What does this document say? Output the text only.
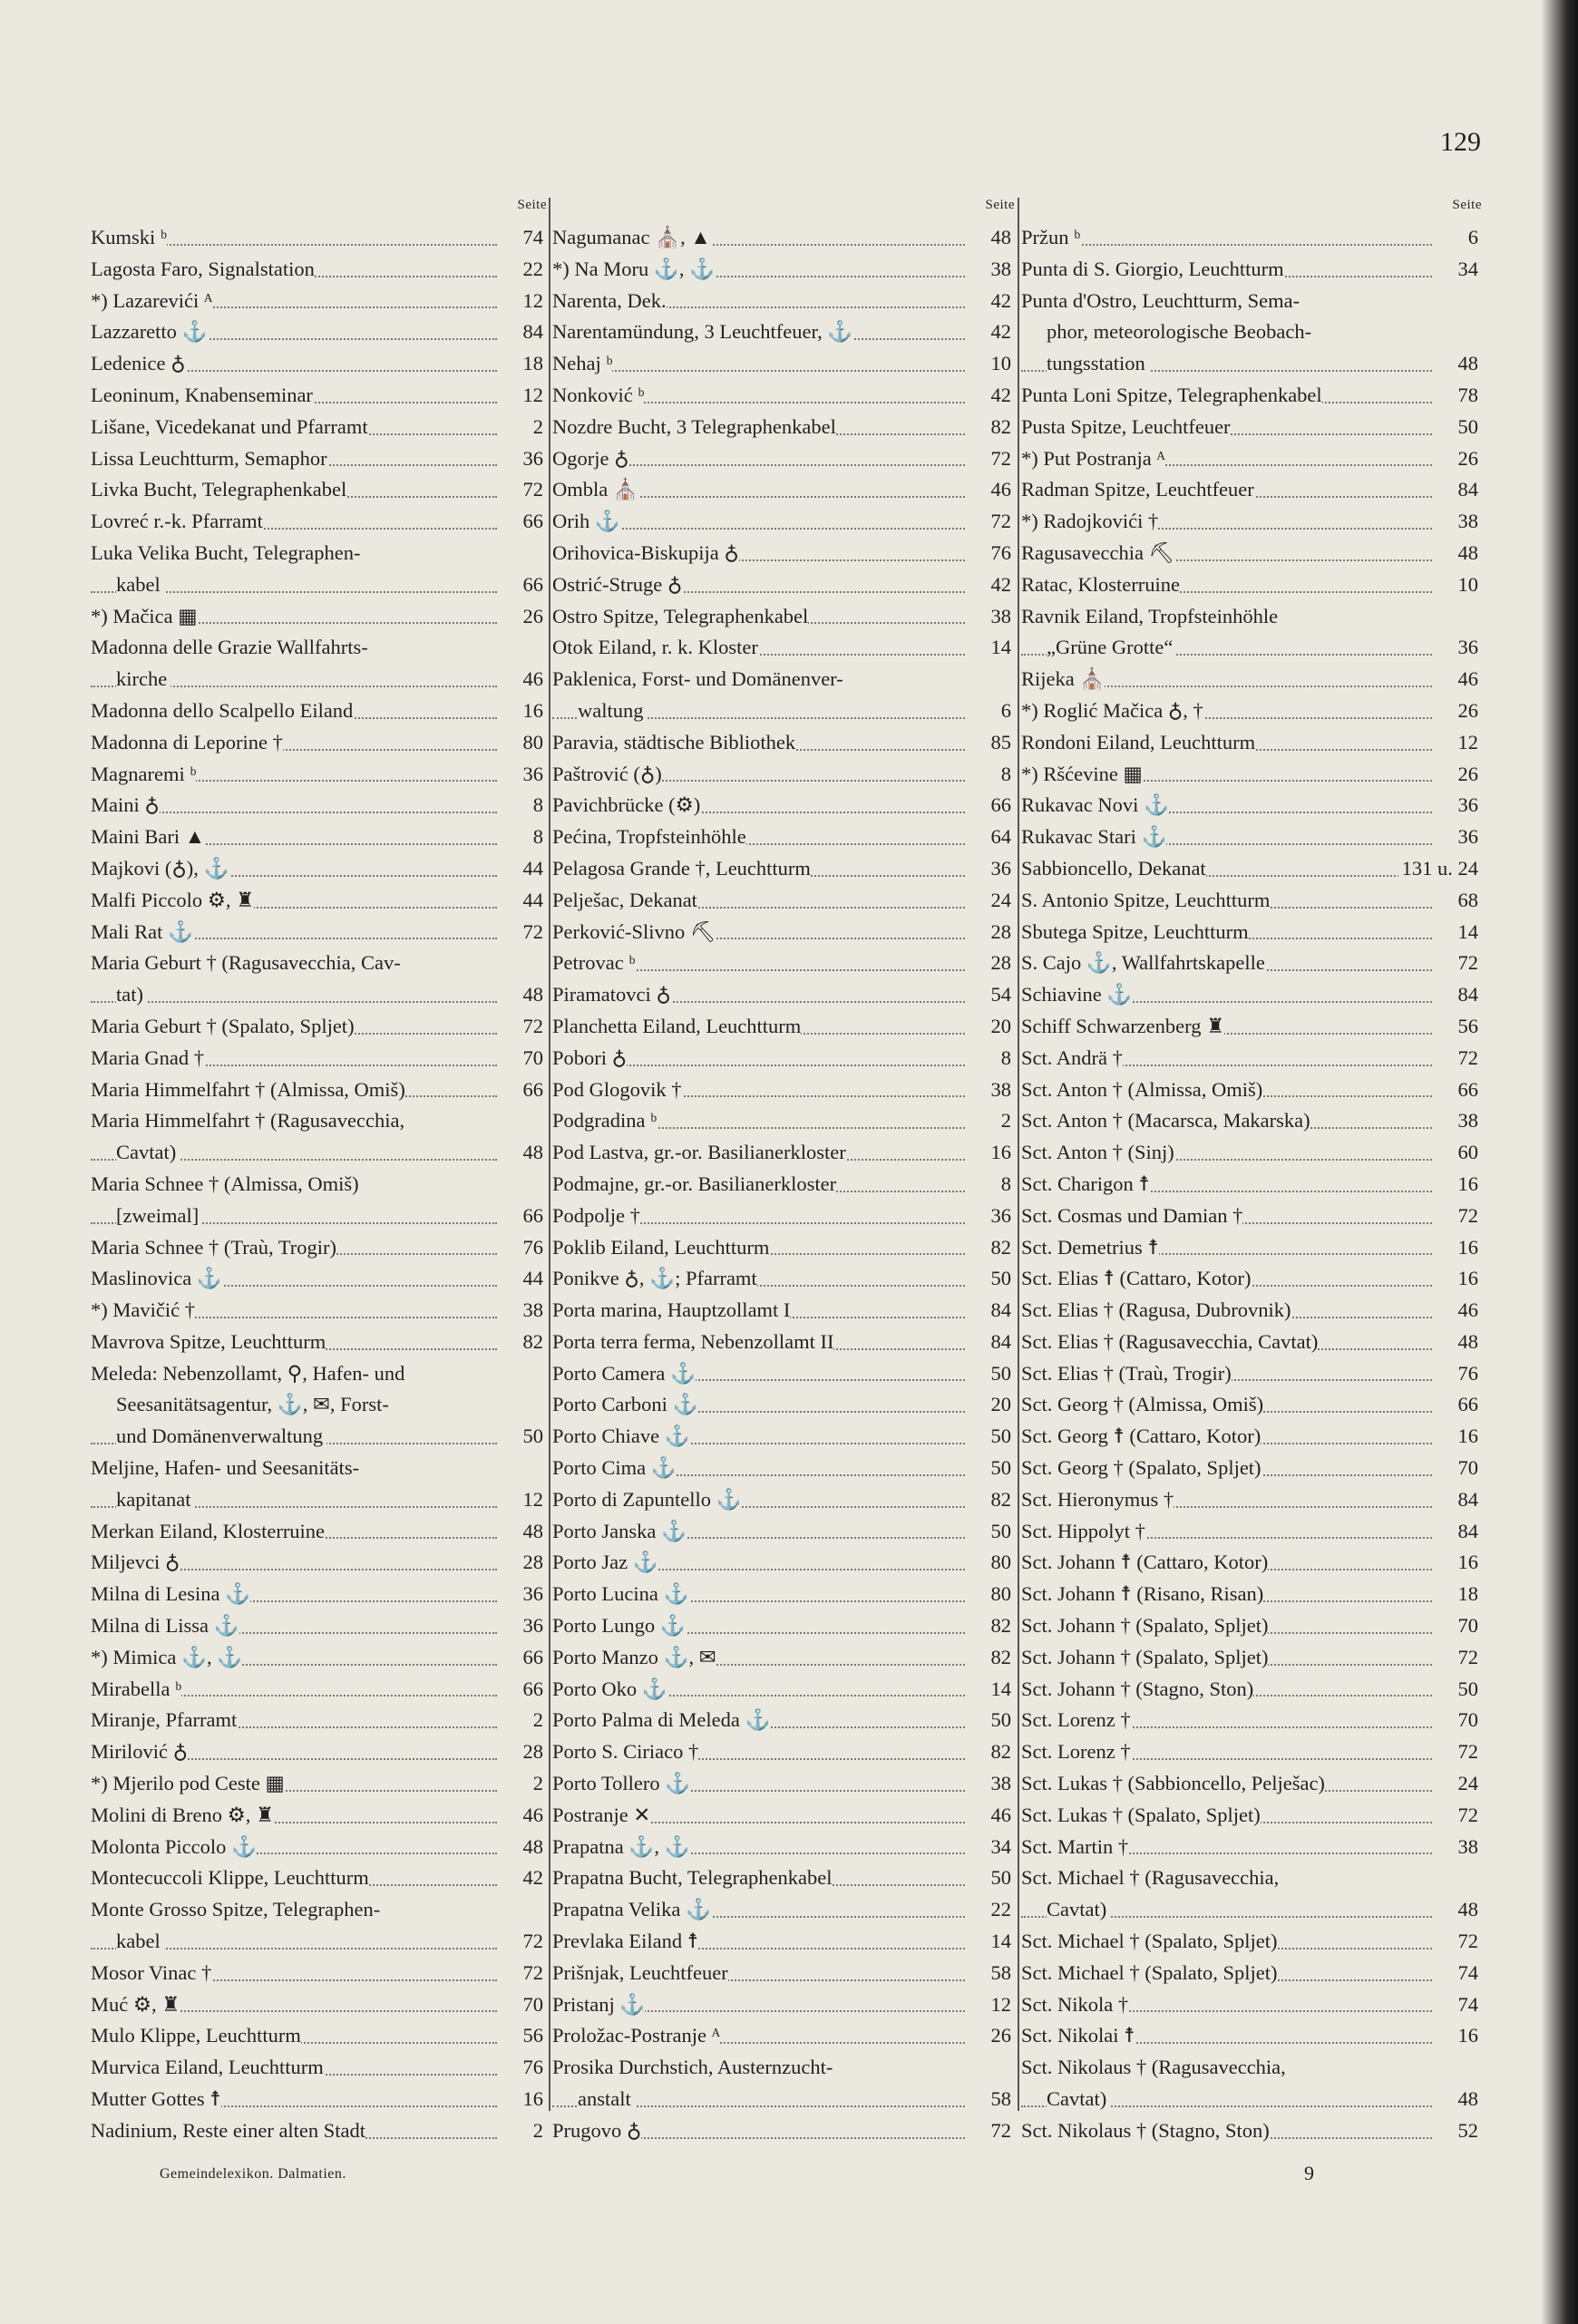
129
Seite
Kumski ᵇ	74
Lagosta Faro, Signalstation	22
*) Lazarevići ᴬ	12
Lazzaretto ⚓	84
Ledenice ♁	18
Leoninum, Knabenseminar	12
Lišane, Vicedekanat und Pfarramt	2
Lissa Leuchtturm, Semaphor	36
Livka Bucht, Telegraphenkabel	72
Lovreć r.-k. Pfarramt	66
Luka Velika Bucht, Telegraphen-
kabel	66
*) Mačica ▦	26
Madonna delle Grazie Wallfahrts-
kirche	46
Madonna dello Scalpello Eiland	16
Madonna di Leporine †	80
Magnaremi ᵇ	36
Maini ♁	8
Maini Bari ▲	8
Majkovi (♁), ⚓	44
Malfi Piccolo ⚙, ♜	44
Mali Rat ⚓	72
Maria Geburt † (Ragusavecchia, Cav-
tat)	48
Maria Geburt † (Spalato, Spljet)	72
Maria Gnad †	70
Maria Himmelfahrt † (Almissa, Omiš)	66
Maria Himmelfahrt † (Ragusavecchia,
Cavtat)	48
Maria Schnee † (Almissa, Omiš)
[zweimal]	66
Maria Schnee † (Traù, Trogir)	76
Maslinovica ⚓	44
*) Mavičić †	38
Mavrova Spitze, Leuchtturm	82
Meleda: Nebenzollamt, ⚲, Hafen- und
Seesanitätsagentur, ⚓, ✉, Forst-
und Domänenverwaltung	50
Meljine, Hafen- und Seesanitäts-
kapitanat	12
Merkan Eiland, Klosterruine	48
Miljevci ♁	28
Milna di Lesina ⚓	36
Milna di Lissa ⚓	36
*) Mimica ⚓, ⚓	66
Mirabella ᵇ	66
Miranje, Pfarramt	2
Mirilović ♁	28
*) Mjerilo pod Ceste ▦	2
Molini di Breno ⚙, ♜	46
Molonta Piccolo ⚓	48
Montecuccoli Klippe, Leuchtturm	42
Monte Grosso Spitze, Telegraphen-
kabel	72
Mosor Vinac †	72
Muć ⚙, ♜	70
Mulo Klippe, Leuchtturm	56
Murvica Eiland, Leuchtturm	76
Mutter Gottes ☨	16
Nadinium, Reste einer alten Stadt	2
Seite
Nagumanac ⛪, ▲	48
*) Na Moru ⚓, ⚓	38
Narenta, Dek.	42
Narentamündung, 3 Leuchtfeuer, ⚓	42
Nehaj ᵇ	10
Nonković ᵇ	42
Nozdre Bucht, 3 Telegraphenkabel	82
Ogorje ♁	72
Ombla ⛪	46
Orih ⚓	72
Orihovica-Biskupija ♁	76
Ostrić-Struge ♁	42
Ostro Spitze, Telegraphenkabel	38
Otok Eiland, r. k. Kloster	14
Paklenica, Forst- und Domänenver-
waltung	6
Paravia, städtische Bibliothek	85
Paštrović (♁)	8
Pavichbrücke (⚙)	66
Pećina, Tropfsteinhöhle	64
Pelagosa Grande †, Leuchtturm	36
Pelješac, Dekanat	24
Perković-Slivno ⛏	28
Petrovac ᵇ	28
Piramatovci ♁	54
Planchetta Eiland, Leuchtturm	20
Pobori ♁	8
Pod Glogovik †	38
Podgradina ᵇ	2
Pod Lastva, gr.-or. Basilianerkloster	16
Podmajne, gr.-or. Basilianerkloster	8
Podpolje †	36
Poklib Eiland, Leuchtturm	82
Ponikve ♁, ⚓; Pfarramt	50
Porta marina, Hauptzollamt I	84
Porta terra ferma, Nebenzollamt II	84
Porto Camera ⚓	50
Porto Carboni ⚓	20
Porto Chiave ⚓	50
Porto Cima ⚓	50
Porto di Zapuntello ⚓	82
Porto Janska ⚓	50
Porto Jaz ⚓	80
Porto Lucina ⚓	80
Porto Lungo ⚓	82
Porto Manzo ⚓, ✉	82
Porto Oko ⚓	14
Porto Palma di Meleda ⚓	50
Porto S. Ciriaco †	82
Porto Tollero ⚓	38
Postranje ✕	46
Prapatna ⚓, ⚓	34
Prapatna Bucht, Telegraphenkabel	50
Prapatna Velika ⚓	22
Prevlaka Eiland ☨	14
Prišnjak, Leuchtfeuer	58
Pristanj ⚓	12
Proložac-Postranje ᴬ	26
Prosika Durchstich, Austernzucht-
anstalt	58
Prugovo ♁	72
Seite
Pržun ᵇ	6
Punta di S. Giorgio, Leuchtturm	34
Punta d'Ostro, Leuchtturm, Sema-
phor, meteorologische Beobach-
tungsstation	48
Punta Loni Spitze, Telegraphenkabel	78
Pusta Spitze, Leuchtfeuer	50
*) Put Postranja ᴬ	26
Radman Spitze, Leuchtfeuer	84
*) Radojkovići †	38
Ragusavecchia ⛏	48
Ratac, Klosterruine	10
Ravnik Eiland, Tropfsteinhöhle
„Grüne Grotte“	36
Rijeka ⛪	46
*) Roglić Mačica ♁, †	26
Rondoni Eiland, Leuchtturm	12
*) Ršćevine ▦	26
Rukavac Novi ⚓	36
Rukavac Stari ⚓	36
Sabbioncello, Dekanat	131 u. 24
S. Antonio Spitze, Leuchtturm	68
Sbutega Spitze, Leuchtturm	14
S. Cajo ⚓, Wallfahrtskapelle	72
Schiavine ⚓	84
Schiff Schwarzenberg ♜	56
Sct. Andrä †	72
Sct. Anton † (Almissa, Omiš)	66
Sct. Anton † (Macarsca, Makarska)	38
Sct. Anton † (Sinj)	60
Sct. Charigon ☨	16
Sct. Cosmas und Damian †	72
Sct. Demetrius ☨	16
Sct. Elias ☨ (Cattaro, Kotor)	16
Sct. Elias † (Ragusa, Dubrovnik)	46
Sct. Elias † (Ragusavecchia, Cavtat)	48
Sct. Elias † (Traù, Trogir)	76
Sct. Georg † (Almissa, Omiš)	66
Sct. Georg ☨ (Cattaro, Kotor)	16
Sct. Georg † (Spalato, Spljet)	70
Sct. Hieronymus †	84
Sct. Hippolyt †	84
Sct. Johann ☨ (Cattaro, Kotor)	16
Sct. Johann ☨ (Risano, Risan)	18
Sct. Johann † (Spalato, Spljet)	70
Sct. Johann † (Spalato, Spljet)	72
Sct. Johann † (Stagno, Ston)	50
Sct. Lorenz †	70
Sct. Lorenz †	72
Sct. Lukas † (Sabbioncello, Pelješac)	24
Sct. Lukas † (Spalato, Spljet)	72
Sct. Martin †	38
Sct. Michael † (Ragusavecchia,
Cavtat)	48
Sct. Michael † (Spalato, Spljet)	72
Sct. Michael † (Spalato, Spljet)	74
Sct. Nikola †	74
Sct. Nikolai ☨	16
Sct. Nikolaus † (Ragusavecchia,
Cavtat)	48
Sct. Nikolaus † (Stagno, Ston)	52
Gemeindelexikon. Dalmatien.	9
